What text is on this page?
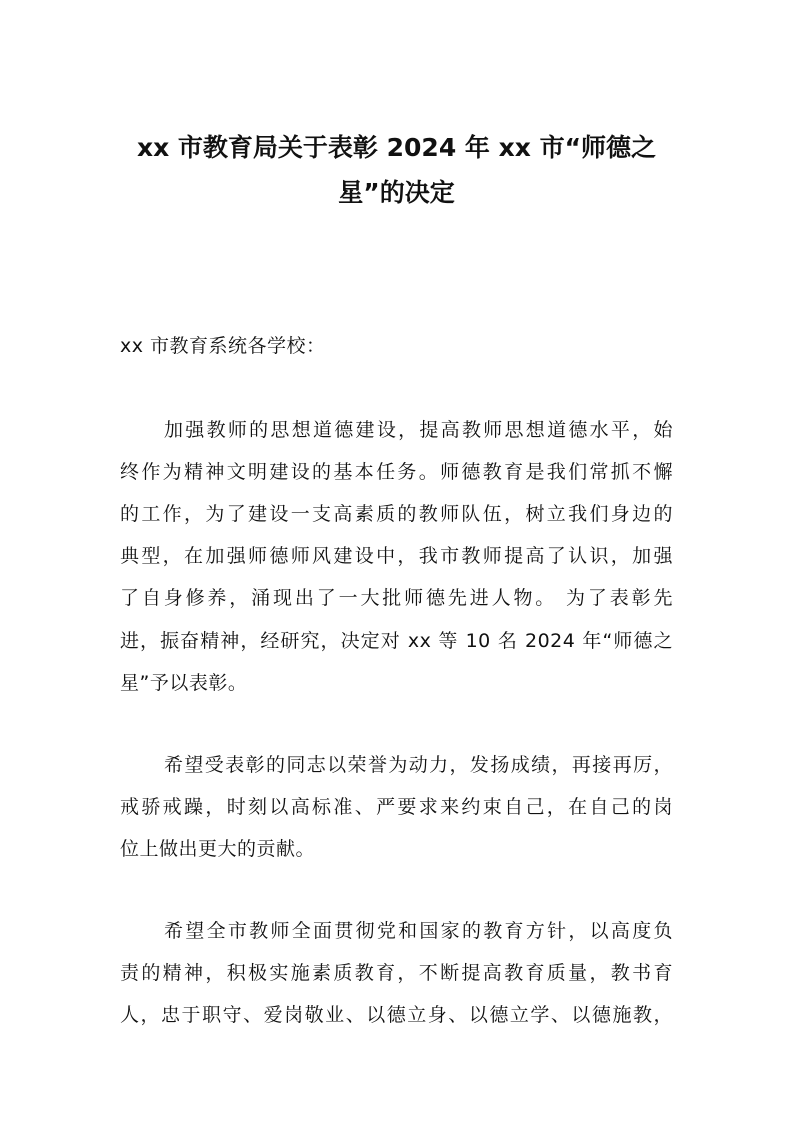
xx 市教育局关于表彰 2024 年 xx 市“师德之
星”的决定
xx 市教育系统各学校：
加强教师的思想道德建设，提高教师思想道德水平，始
终作为精神文明建设的基本任务。师德教育是我们常抓不懈
的工作，为了建设一支高素质的教师队伍，树立我们身边的
典型，在加强师德师风建设中，我市教师提高了认识，加强
了自身修养，涌现出了一大批师德先进人物。 为了表彰先
进，振奋精神，经研究，决定对 xx 等 10 名 2024 年“师德之
星”予以表彰。
希望受表彰的同志以荣誉为动力，发扬成绩，再接再厉，
戒骄戒躁，时刻以高标准、严要求来约束自己，在自己的岗
位上做出更大的贡献。
希望全市教师全面贯彻党和国家的教育方针，以高度负
责的精神，积极实施素质教育，不断提高教育质量，教书育
人，忠于职守、爱岗敬业、以德立身、以德立学、以德施教，
